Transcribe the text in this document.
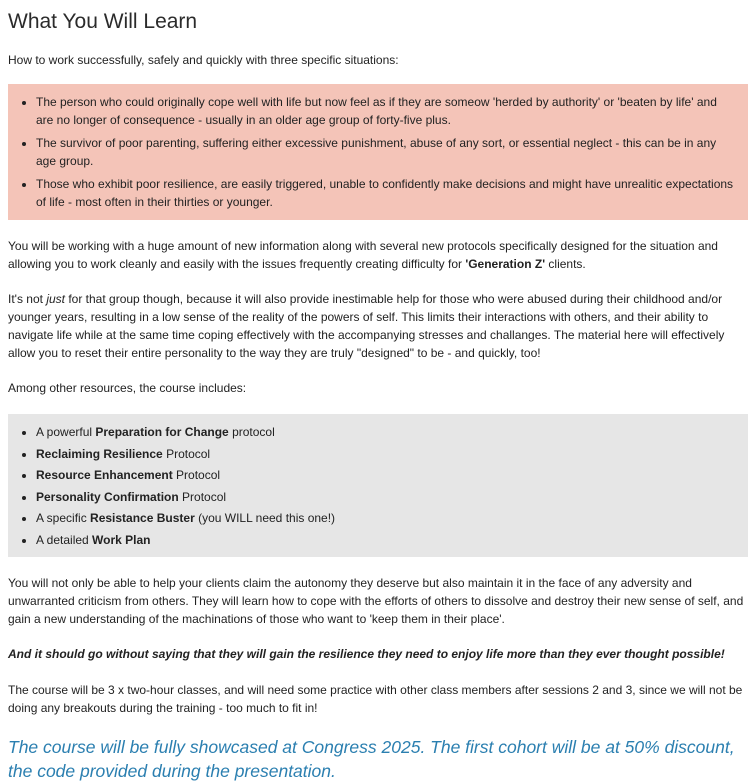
What You Will Learn

How to work successfully, safely and quickly with three specific situations:

• The person who could originally cope well with life but now feel as if they are someow 'herded by authority' or 'beaten by life' and are no longer of consequence - usually in an older age group of forty-five plus.
• The survivor of poor parenting, suffering either excessive punishment, abuse of any sort, or essential neglect - this can be in any age group.
• Those who exhibit poor resilience, are easily triggered, unable to confidently make decisions and might have unrealitic expectations of life - most often in their thirties or younger.

You will be working with a huge amount of new information along with several new protocols specifically designed for the situation and allowing you to work cleanly and easily with the issues frequently creating difficulty for 'Generation Z' clients.

It's not just for that group though, because it will also provide inestimable help for those who were abused during their childhood and/or younger years, resulting in a low sense of the reality of the powers of self. This limits their interactions with others, and their ability to navigate life while at the same time coping effectively with the accompanying stresses and challanges. The material here will effectively allow you to reset their entire personality to the way they are truly "designed" to be - and quickly, too!

Among other resources, the course includes:

• A powerful Preparation for Change protocol
• Reclaiming Resilience Protocol
• Resource Enhancement Protocol
• Personality Confirmation Protocol
• A specific Resistance Buster (you WILL need this one!)
• A detailed Work Plan

You will not only be able to help your clients claim the autonomy they deserve but also maintain it in the face of any adversity and unwarranted criticism from others. They will learn how to cope with the efforts of others to dissolve and destroy their new sense of self, and gain a new understanding of the machinations of those who want to 'keep them in their place'.

And it should go without saying that they will gain the resilience they need to enjoy life more than they ever thought possible!

The course will be 3 x two-hour classes, and will need some practice with other class members after sessions 2 and 3, since we will not be doing any breakouts during the training - too much to fit in!

The course will be fully showcased at Congress 2025. The first cohort will be at 50% discount, the code provided during the presentation.
